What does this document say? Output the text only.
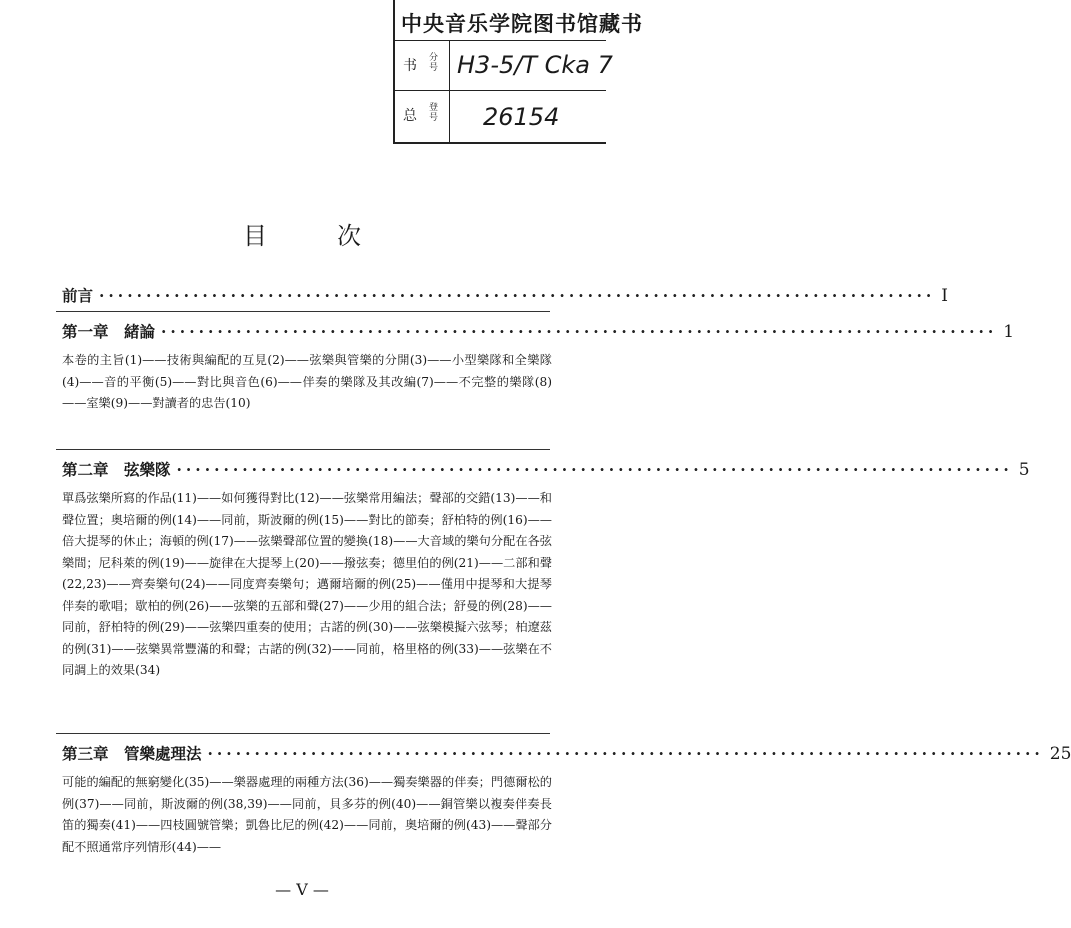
中央音乐学院图书馆藏书
书 分号 H3-5/T Cka 7
总 登号 26154
目次
前言 ·····	I
第一章　緒論 ·····	1
本卷的主旨(1)——技術與編配的互見(2)——弦樂與管樂的分開(3)——小型樂隊和全樂隊(4)——音的平衡(5)——對比與音色(6)——伴奏的樂隊及其改編(7)——不完整的樂隊(8)——室樂(9)——對讀者的忠告(10)
第二章　弦樂隊 ·····	5
單爲弦樂所寫的作品(11)——如何獲得對比(12)——弦樂常用編法；聲部的交錯(13)——和聲位置；奥培爾的例(14)——同前，斯波爾的例(15)——對比的節奏；舒柏特的例(16)——倍大提琴的休止；海頓的例(17)——弦樂聲部位置的變換(18)——大音域的樂句分配在各弦樂間；尼科萊的例(19)——旋律在大提琴上(20)——撥弦奏；德里伯的例(21)——二部和聲(22,23)——齊奏樂句(24)——同度齊奏樂句；邁爾培爾的例(25)——僅用中提琴和大提琴伴奏的歌唱；歇柏的例(26)——弦樂的五部和聲(27)——少用的組合法；舒曼的例(28)——同前，舒柏特的例(29)——弦樂四重奏的使用；古諾的例(30)——弦樂模擬六弦琴；柏遼茲的例(31)——弦樂異常豐滿的和聲；古諾的例(32)——同前，格里格的例(33)——弦樂在不同調上的效果(34)
第三章　管樂處理法 ·····	25
可能的編配的無窮變化(35)——樂器處理的兩種方法(36)——獨奏樂器的伴奏；門德爾松的例(37)——同前，斯波爾的例(38,39)——同前，貝多芬的例(40)——銅管樂以複奏伴奏長笛的獨奏(41)——四枝圓號管樂；凱魯比尼的例(42)——同前，奥培爾的例(43)——聲部分配不照通常序列情形(44)——
— V —
